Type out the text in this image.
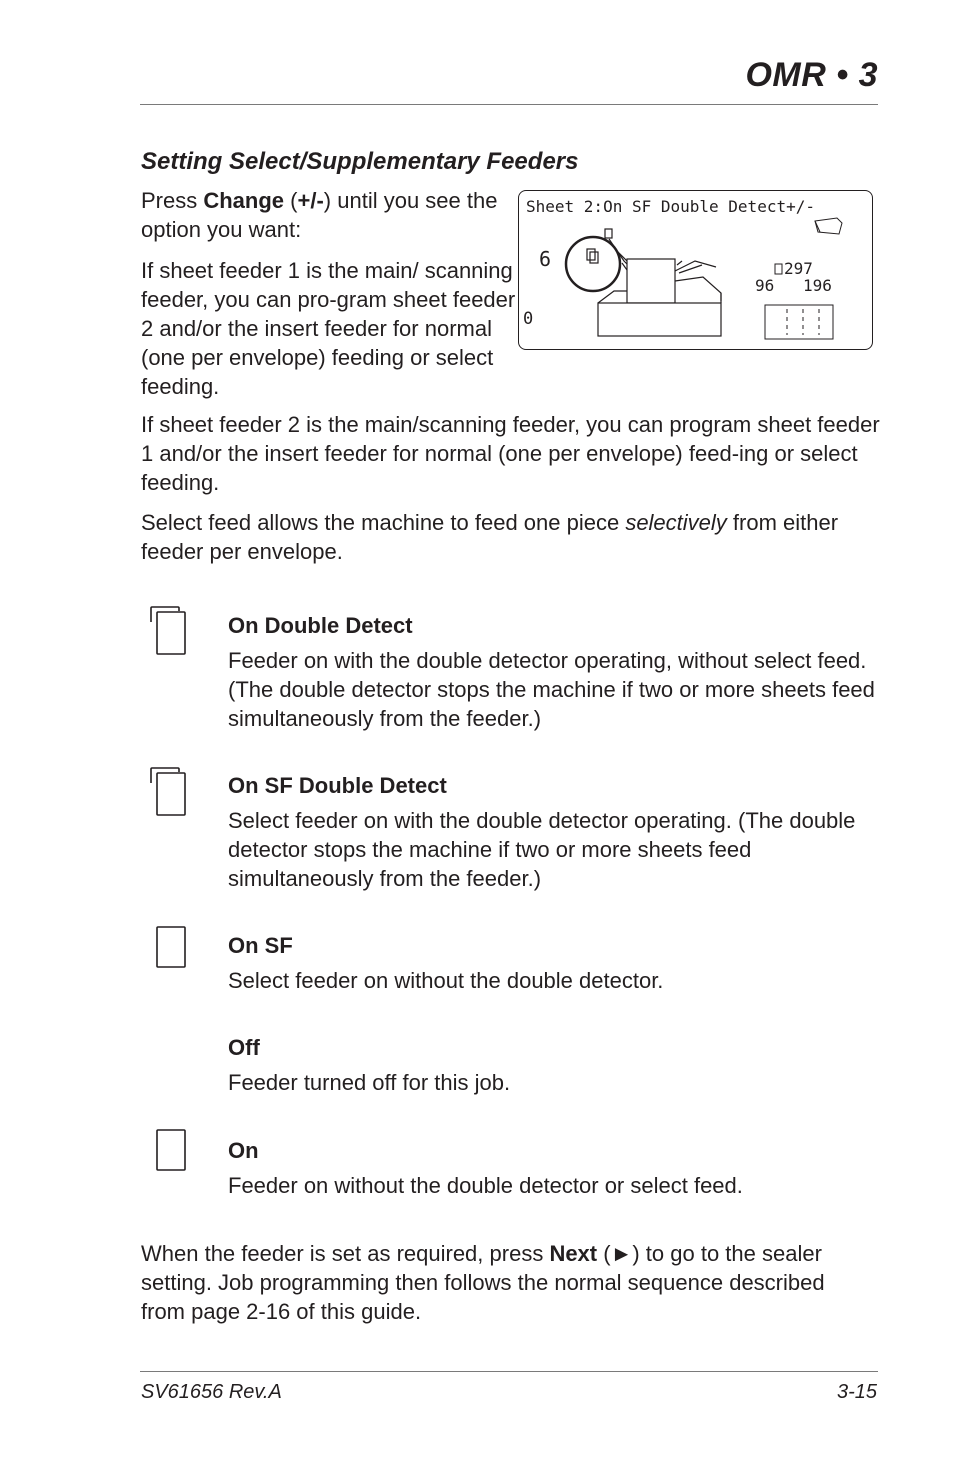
OMR • 3
Setting Select/Supplementary Feeders

Press Change (+/-) until you see the option you want:

If sheet feeder 1 is the main/ scanning feeder, you can pro-gram sheet feeder 2 and/or the insert feeder for normal (one per envelope) feeding or select feeding.

Sheet 2:On SF Double Detect+/-
6
0
297
96 196

If sheet feeder 2 is the main/scanning feeder, you can program sheet feeder 1 and/or the insert feeder for normal (one per envelope) feed-ing or select feeding.

Select feed allows the machine to feed one piece selectively from either feeder per envelope.

On Double Detect

Feeder on with the double detector operating, without select feed. (The double detector stops the machine if two or more sheets feed simultaneously from the feeder.)

On SF Double Detect

Select feeder on with the double detector operating. (The double detector stops the machine if two or more sheets feed simultaneously from the feeder.)

On SF

Select feeder on without the double detector.

Off

Feeder turned off for this job.

On

Feeder on without the double detector or select feed.

When the feeder is set as required, press Next (►) to go to the sealer setting. Job programming then follows the normal sequence described from page 2-16 of this guide.

SV61656 Rev.A	3-15
